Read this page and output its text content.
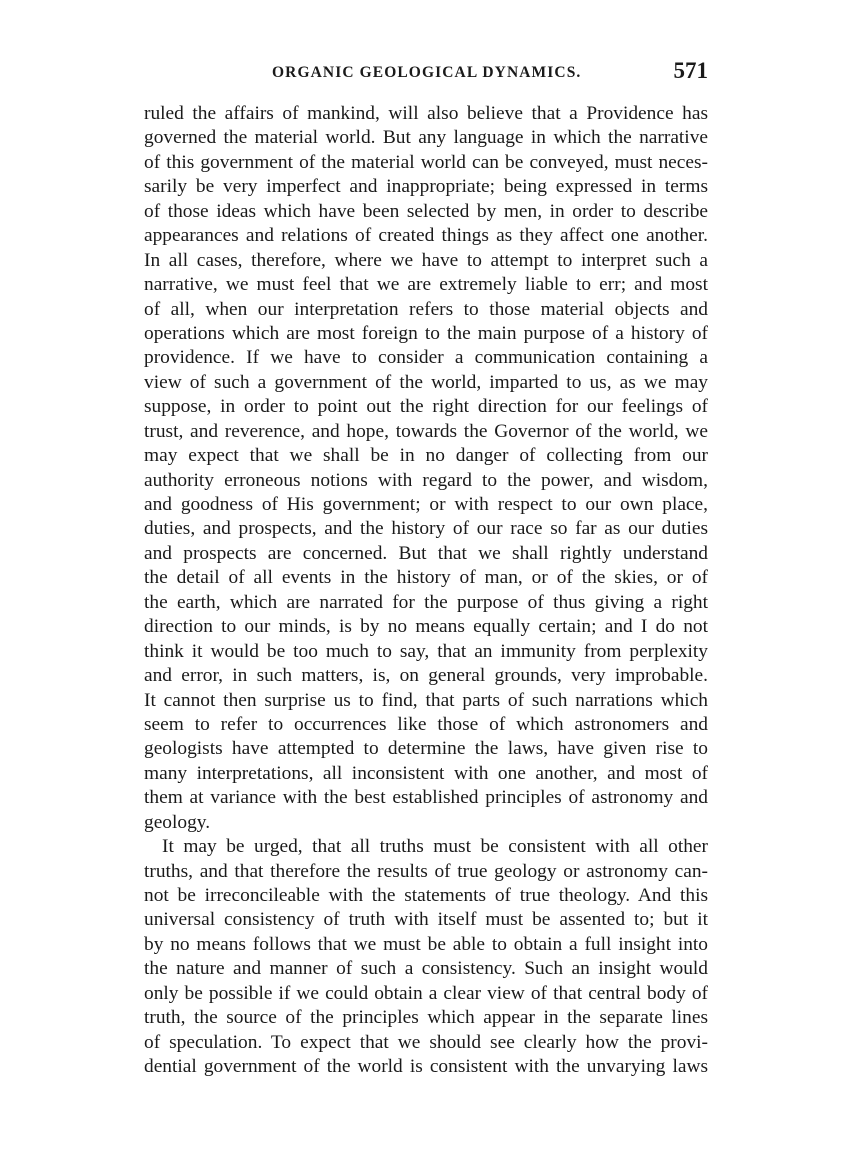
ORGANIC GEOLOGICAL DYNAMICS.	571
ruled the affairs of mankind, will also believe that a Providence has
governed the material world. But any language in which the narrative
of this government of the material world can be conveyed, must neces-
sarily be very imperfect and inappropriate; being expressed in terms
of those ideas which have been selected by men, in order to describe
appearances and relations of created things as they affect one another.
In all cases, therefore, where we have to attempt to interpret such a
narrative, we must feel that we are extremely liable to err; and most
of all, when our interpretation refers to those material objects and
operations which are most foreign to the main purpose of a history of
providence. If we have to consider a communication containing a
view of such a government of the world, imparted to us, as we may
suppose, in order to point out the right direction for our feelings of
trust, and reverence, and hope, towards the Governor of the world, we
may expect that we shall be in no danger of collecting from our
authority erroneous notions with regard to the power, and wisdom,
and goodness of His government; or with respect to our own place,
duties, and prospects, and the history of our race so far as our duties
and prospects are concerned. But that we shall rightly understand
the detail of all events in the history of man, or of the skies, or of
the earth, which are narrated for the purpose of thus giving a right
direction to our minds, is by no means equally certain; and I do not
think it would be too much to say, that an immunity from perplexity
and error, in such matters, is, on general grounds, very improbable.
It cannot then surprise us to find, that parts of such narrations which
seem to refer to occurrences like those of which astronomers and
geologists have attempted to determine the laws, have given rise to
many interpretations, all inconsistent with one another, and most of
them at variance with the best established principles of astronomy and
geology.
It may be urged, that all truths must be consistent with all other
truths, and that therefore the results of true geology or astronomy can-
not be irreconcileable with the statements of true theology. And this
universal consistency of truth with itself must be assented to; but it
by no means follows that we must be able to obtain a full insight into
the nature and manner of such a consistency. Such an insight would
only be possible if we could obtain a clear view of that central body of
truth, the source of the principles which appear in the separate lines
of speculation. To expect that we should see clearly how the provi-
dential government of the world is consistent with the unvarying laws
